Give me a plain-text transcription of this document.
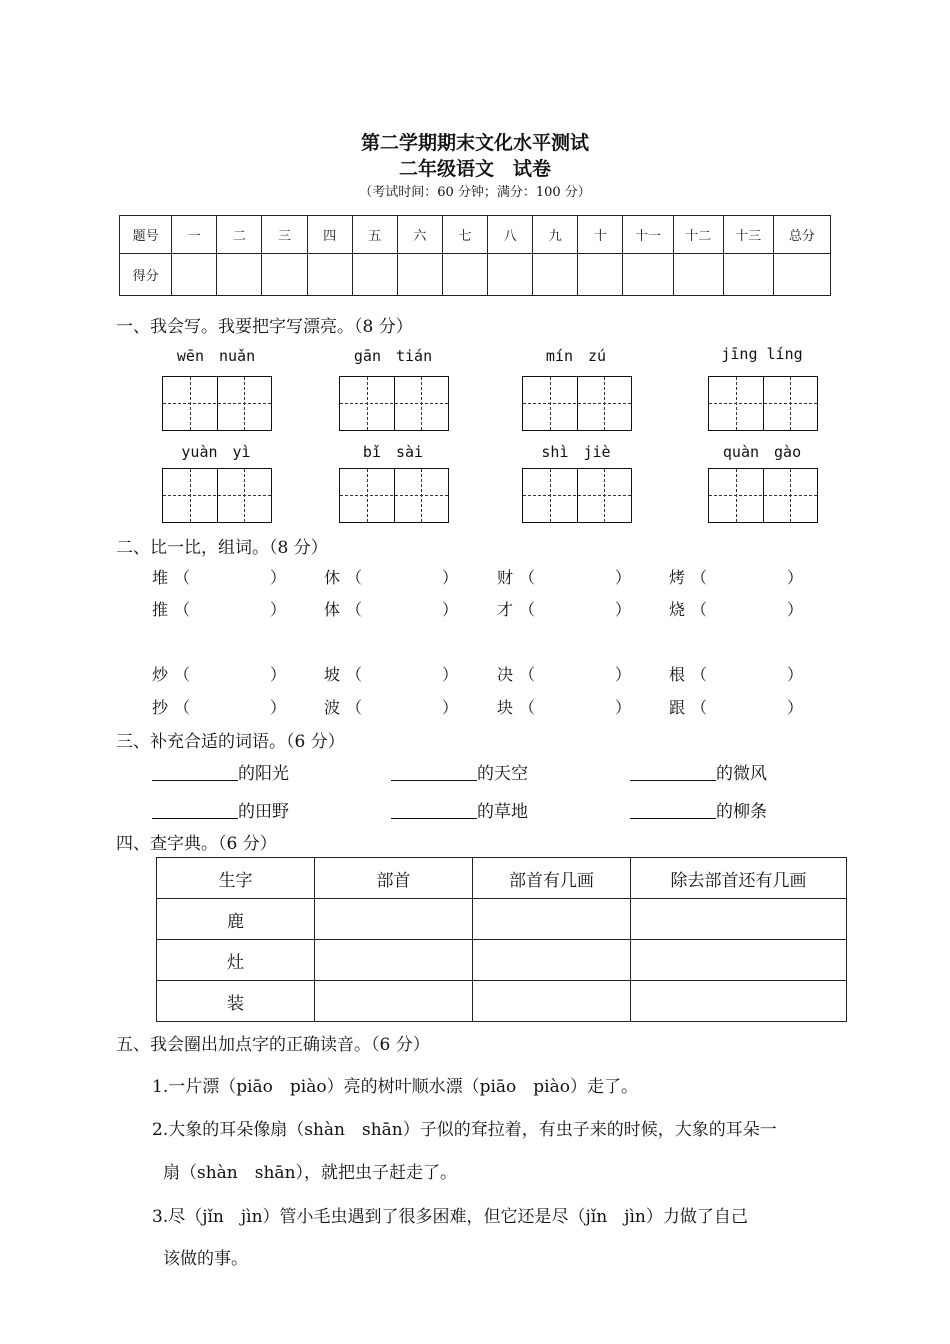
第二学期期末文化水平测试
二年级语文　试卷
（考试时间：60 分钟；满分：100 分）
题号	一	二	三	四	五	六	七	八	九	十	十一	十二	十三	总分
得分														
一、我会写。我要把字写漂亮。（8 分）
wēn　nuǎn	gān　tián	mín　zú	jīng líng
yuàn　yì	bǐ　sài	shì　jiè	quàn　gào
二、比一比，组词。（8 分）
堆 （	） 休 （	） 财 （	） 烤 （	）
推 （	） 体 （	） 才 （	） 烧 （	）
炒 （	） 坡 （	） 决 （	） 根 （	）
抄 （	） 波 （	） 块 （	） 跟 （	）
三、补充合适的词语。（6 分）
的阳光	的天空	的微风
的田野	的草地	的柳条
四、查字典。（6 分）
生字	部首	部首有几画	除去部首还有几画
鹿			
灶			
装			
五、我会圈出加点字的正确读音。（6 分）
1.一片漂（piāo　piào）亮的树叶顺水漂（piāo　piào）走了。
2.大象的耳朵像扇（shàn　shān）子似的耷拉着，有虫子来的时候，大象的耳朵一
扇（shàn　shān），就把虫子赶走了。
3.尽（jǐn　jìn）管小毛虫遇到了很多困难，但它还是尽（jǐn　jìn）力做了自己
该做的事。
